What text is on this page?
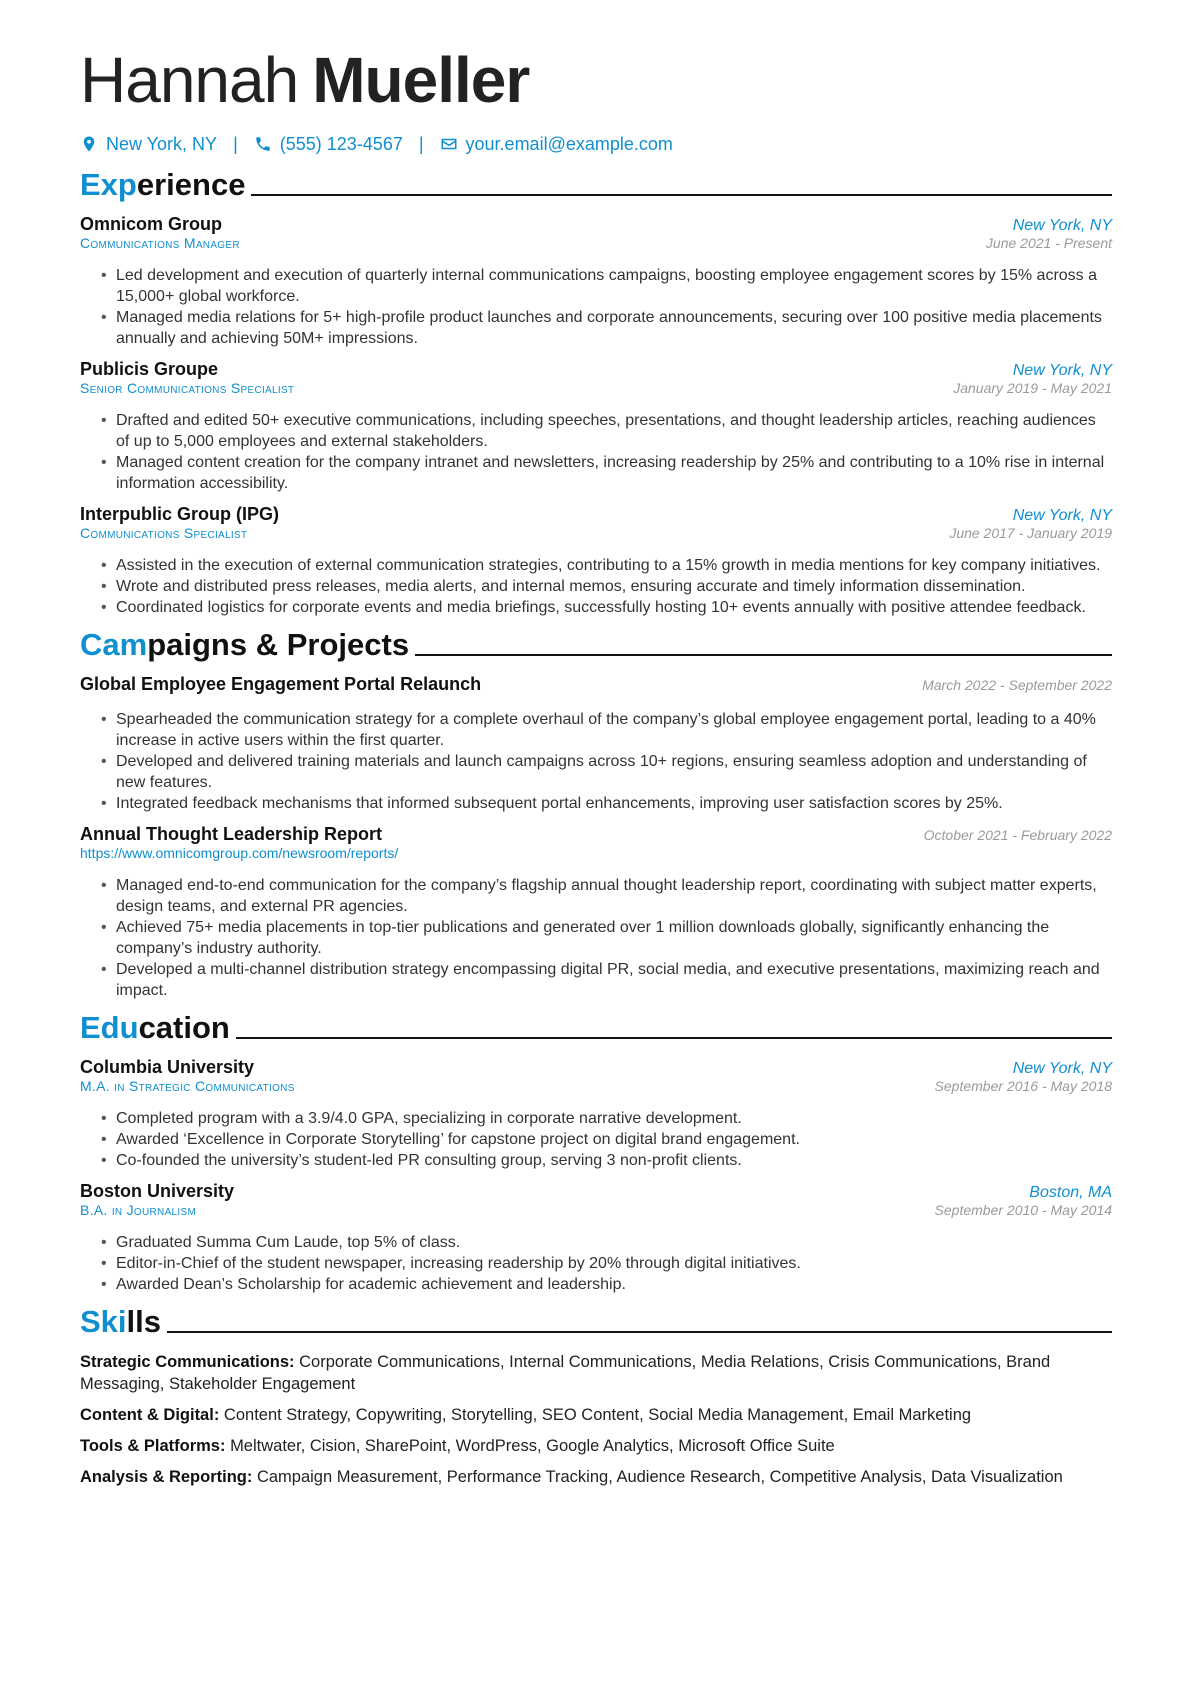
Hannah Mueller
New York, NY | (555) 123-4567 | your.email@example.com
Experience
Omnicom Group	New York, NY
Communications Manager	June 2021 - Present
• Led development and execution of quarterly internal communications campaigns, boosting employee engagement scores by 15% across a 15,000+ global workforce.
• Managed media relations for 5+ high-profile product launches and corporate announcements, securing over 100 positive media placements annually and achieving 50M+ impressions.
Publicis Groupe	New York, NY
Senior Communications Specialist	January 2019 - May 2021
• Drafted and edited 50+ executive communications, including speeches, presentations, and thought leadership articles, reaching audiences of up to 5,000 employees and external stakeholders.
• Managed content creation for the company intranet and newsletters, increasing readership by 25% and contributing to a 10% rise in internal information accessibility.
Interpublic Group (IPG)	New York, NY
Communications Specialist	June 2017 - January 2019
• Assisted in the execution of external communication strategies, contributing to a 15% growth in media mentions for key company initiatives.
• Wrote and distributed press releases, media alerts, and internal memos, ensuring accurate and timely information dissemination.
• Coordinated logistics for corporate events and media briefings, successfully hosting 10+ events annually with positive attendee feedback.
Campaigns & Projects
Global Employee Engagement Portal Relaunch	March 2022 - September 2022
• Spearheaded the communication strategy for a complete overhaul of the company’s global employee engagement portal, leading to a 40% increase in active users within the first quarter.
• Developed and delivered training materials and launch campaigns across 10+ regions, ensuring seamless adoption and understanding of new features.
• Integrated feedback mechanisms that informed subsequent portal enhancements, improving user satisfaction scores by 25%.
Annual Thought Leadership Report	October 2021 - February 2022
https://www.omnicomgroup.com/newsroom/reports/
• Managed end-to-end communication for the company’s flagship annual thought leadership report, coordinating with subject matter experts, design teams, and external PR agencies.
• Achieved 75+ media placements in top-tier publications and generated over 1 million downloads globally, significantly enhancing the company’s industry authority.
• Developed a multi-channel distribution strategy encompassing digital PR, social media, and executive presentations, maximizing reach and impact.
Education
Columbia University	New York, NY
M.A. in Strategic Communications	September 2016 - May 2018
• Completed program with a 3.9/4.0 GPA, specializing in corporate narrative development.
• Awarded ‘Excellence in Corporate Storytelling’ for capstone project on digital brand engagement.
• Co-founded the university’s student-led PR consulting group, serving 3 non-profit clients.
Boston University	Boston, MA
B.A. in Journalism	September 2010 - May 2014
• Graduated Summa Cum Laude, top 5% of class.
• Editor-in-Chief of the student newspaper, increasing readership by 20% through digital initiatives.
• Awarded Dean’s Scholarship for academic achievement and leadership.
Skills
Strategic Communications: Corporate Communications, Internal Communications, Media Relations, Crisis Communications, Brand Messaging, Stakeholder Engagement
Content & Digital: Content Strategy, Copywriting, Storytelling, SEO Content, Social Media Management, Email Marketing
Tools & Platforms: Meltwater, Cision, SharePoint, WordPress, Google Analytics, Microsoft Office Suite
Analysis & Reporting: Campaign Measurement, Performance Tracking, Audience Research, Competitive Analysis, Data Visualization
